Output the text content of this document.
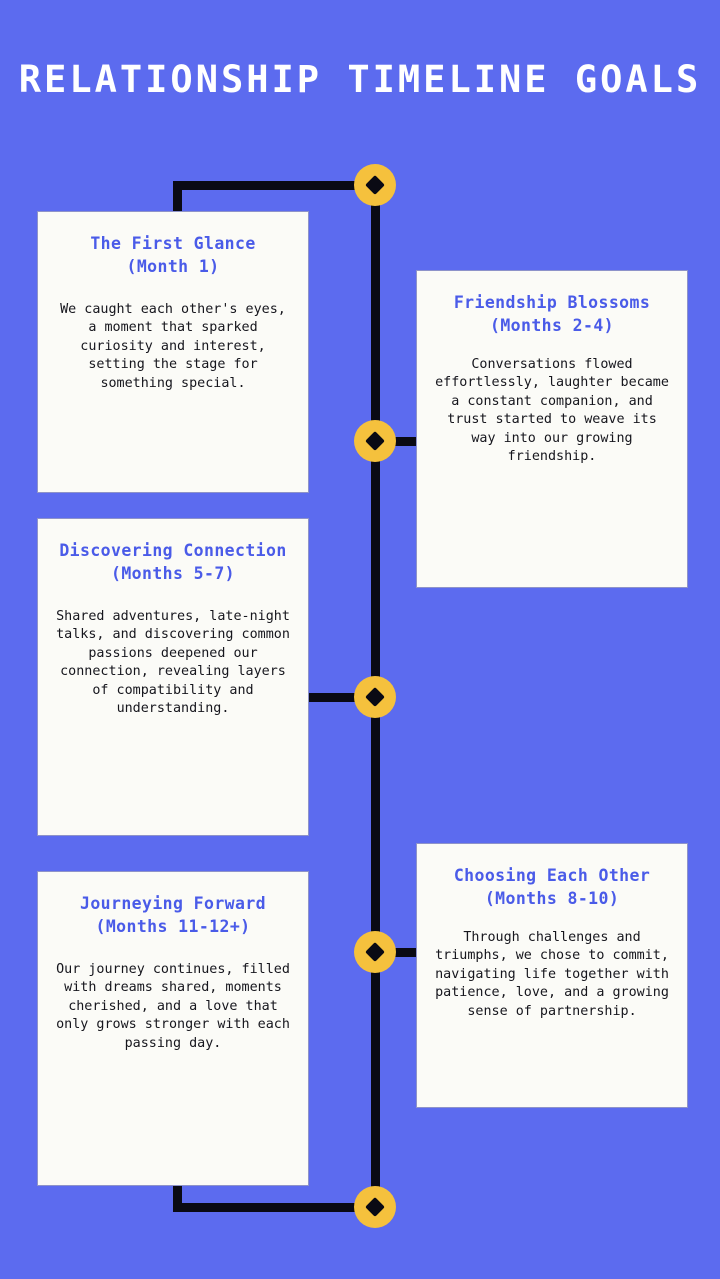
RELATIONSHIP TIMELINE GOALS

The First Glance (Month 1)

We caught each other's eyes, a moment that sparked curiosity and interest, setting the stage for something special.

Friendship Blossoms (Months 2-4)

Conversations flowed effortlessly, laughter became a constant companion, and trust started to weave its way into our growing friendship.

Discovering Connection (Months 5-7)

Shared adventures, late-night talks, and discovering common passions deepened our connection, revealing layers of compatibility and understanding.

Choosing Each Other (Months 8-10)

Through challenges and triumphs, we chose to commit, navigating life together with patience, love, and a growing sense of partnership.

Journeying Forward (Months 11-12+)

Our journey continues, filled with dreams shared, moments cherished, and a love that only grows stronger with each passing day.
